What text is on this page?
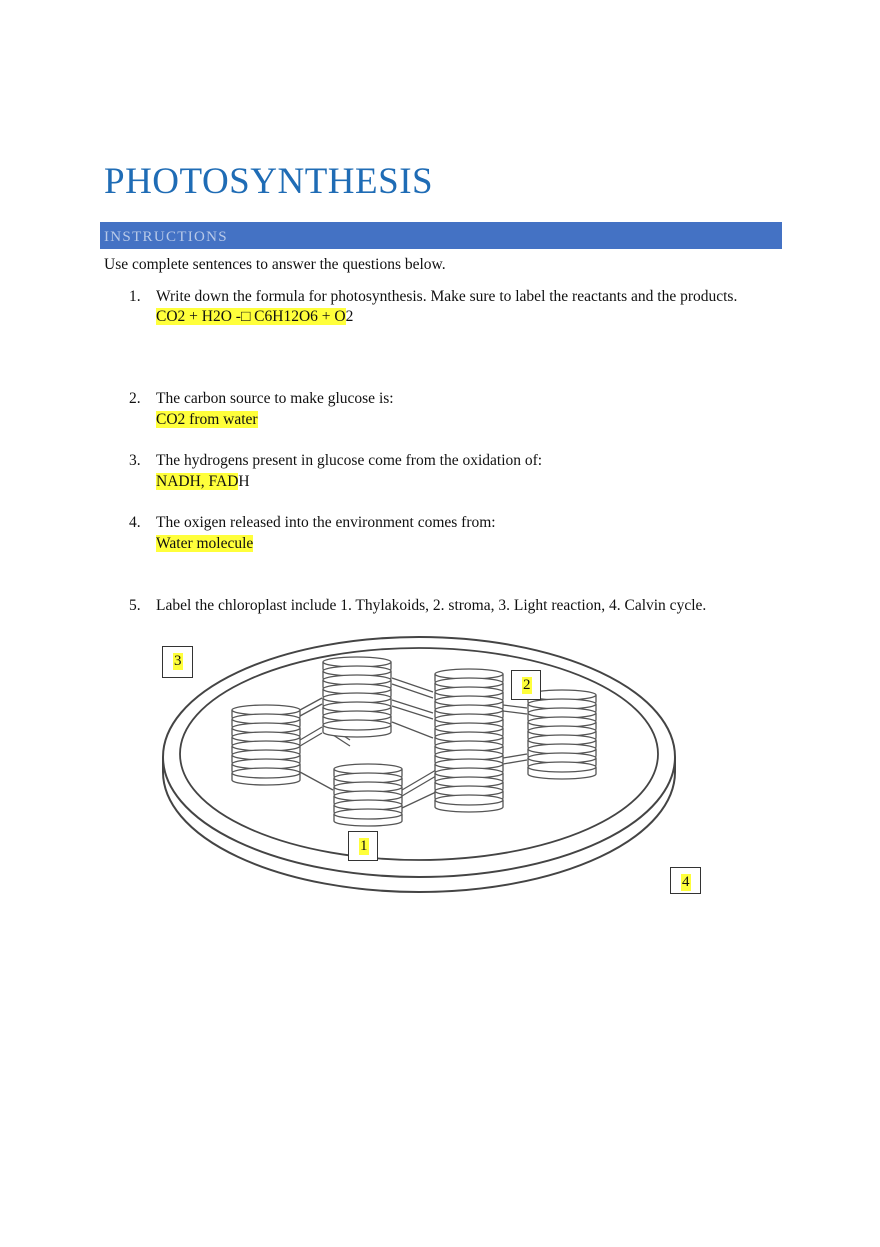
PHOTOSYNTHESIS
INSTRUCTIONS
Use complete sentences to answer the questions below.
1. Write down the formula for photosynthesis. Make sure to label the reactants and the products.
CO2 + H2O -□ C6H12O6 + O2
2. The carbon source to make glucose is:
CO2 from water
3. The hydrogens present in glucose come from the oxidation of:
NADH, FADH
4. The oxigen released into the environment comes from:
Water molecule
5. Label the chloroplast include 1. Thylakoids, 2. stroma, 3. Light reaction, 4. Calvin cycle.
3
2
1
4
